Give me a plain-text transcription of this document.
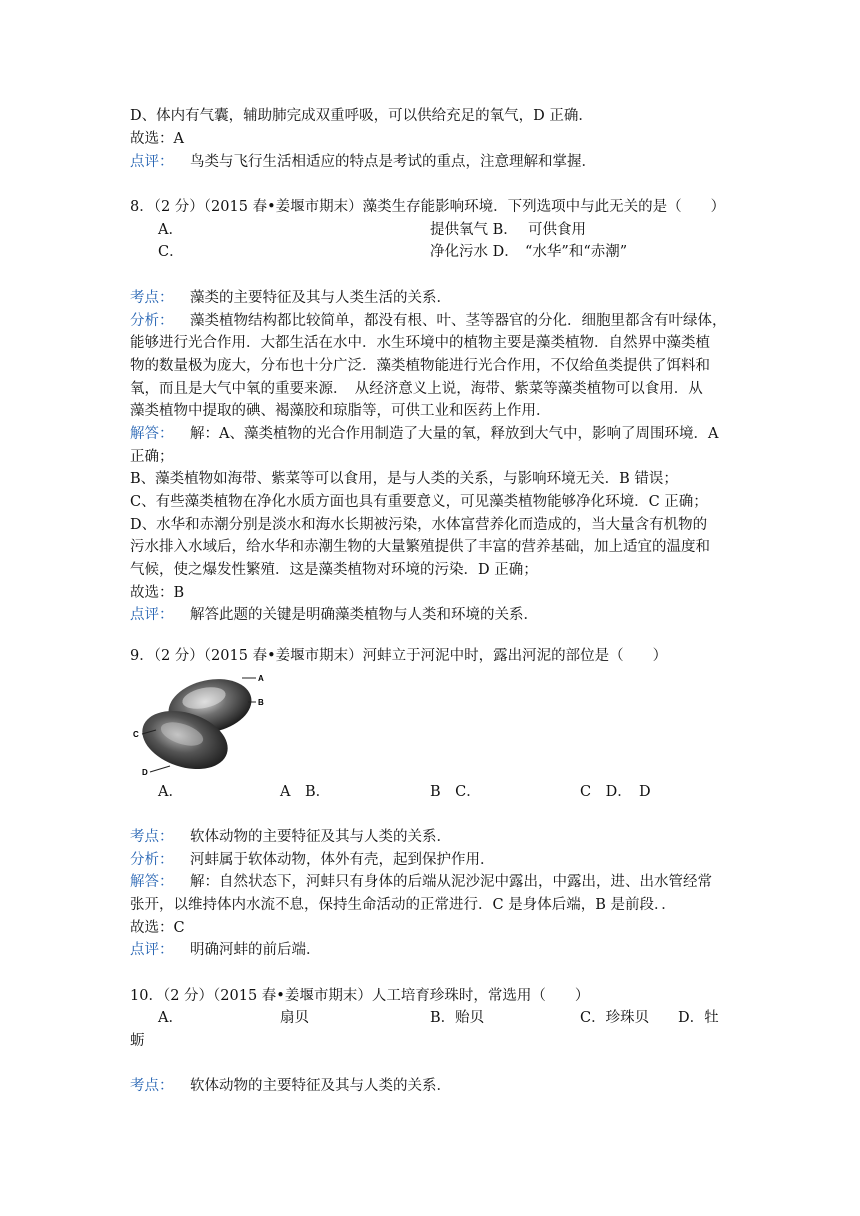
D、体内有气囊，辅助肺完成双重呼吸，可以供给充足的氧气，D 正确．
故选：A
点评： 鸟类与飞行生活相适应的特点是考试的重点，注意理解和掌握．
8．（2 分）（2015 春•姜堰市期末）藻类生存能影响环境．下列选项中与此无关的是（　　）
A．	提供氧气 B． 可供食用
C．	净化污水 D． “水华”和“赤潮”
考点： 藻类的主要特征及其与人类生活的关系．
分析： 藻类植物结构都比较简单，都没有根、叶、茎等器官的分化．细胞里都含有叶绿体，
能够进行光合作用．大都生活在水中．水生环境中的植物主要是藻类植物．自然界中藻类植
物的数量极为庞大，分布也十分广泛．藻类植物能进行光合作用，不仅给鱼类提供了饵料和
氧，而且是大气中氧的重要来源．　从经济意义上说，海带、紫菜等藻类植物可以食用．从
藻类植物中提取的碘、褐藻胶和琼脂等，可供工业和医药上作用．
解答： 解：A、藻类植物的光合作用制造了大量的氧，释放到大气中，影响了周围环境．A
正确；
B、藻类植物如海带、紫菜等可以食用，是与人类的关系，与影响环境无关．B 错误；
C、有些藻类植物在净化水质方面也具有重要意义，可见藻类植物能够净化环境．C 正确；
D、水华和赤潮分别是淡水和海水长期被污染，水体富营养化而造成的，当大量含有机物的
污水排入水域后，给水华和赤潮生物的大量繁殖提供了丰富的营养基础，加上适宜的温度和
气候，使之爆发性繁殖．这是藻类植物对环境的污染．D 正确；
故选：B
点评： 解答此题的关键是明确藻类植物与人类和环境的关系．
9．（2 分）（2015 春•姜堰市期末）河蚌立于河泥中时，露出河泥的部位是（　　）
A
B
C
D
A．	A　B．	B　C．	C　D．　D
考点： 软体动物的主要特征及其与人类的关系．
分析： 河蚌属于软体动物，体外有壳，起到保护作用．
解答： 解：自然状态下，河蚌只有身体的后端从泥沙泥中露出，中露出，进、出水管经常
张开，以维持体内水流不息，保持生命活动的正常进行．C 是身体后端，B 是前段．．
故选：C
点评： 明确河蚌的前后端．
10．（2 分）（2015 春•姜堰市期末）人工培育珍珠时，常选用（　　）
A．	扇贝	B．贻贝	C．珍珠贝 D．牡
蛎
考点： 软体动物的主要特征及其与人类的关系．
